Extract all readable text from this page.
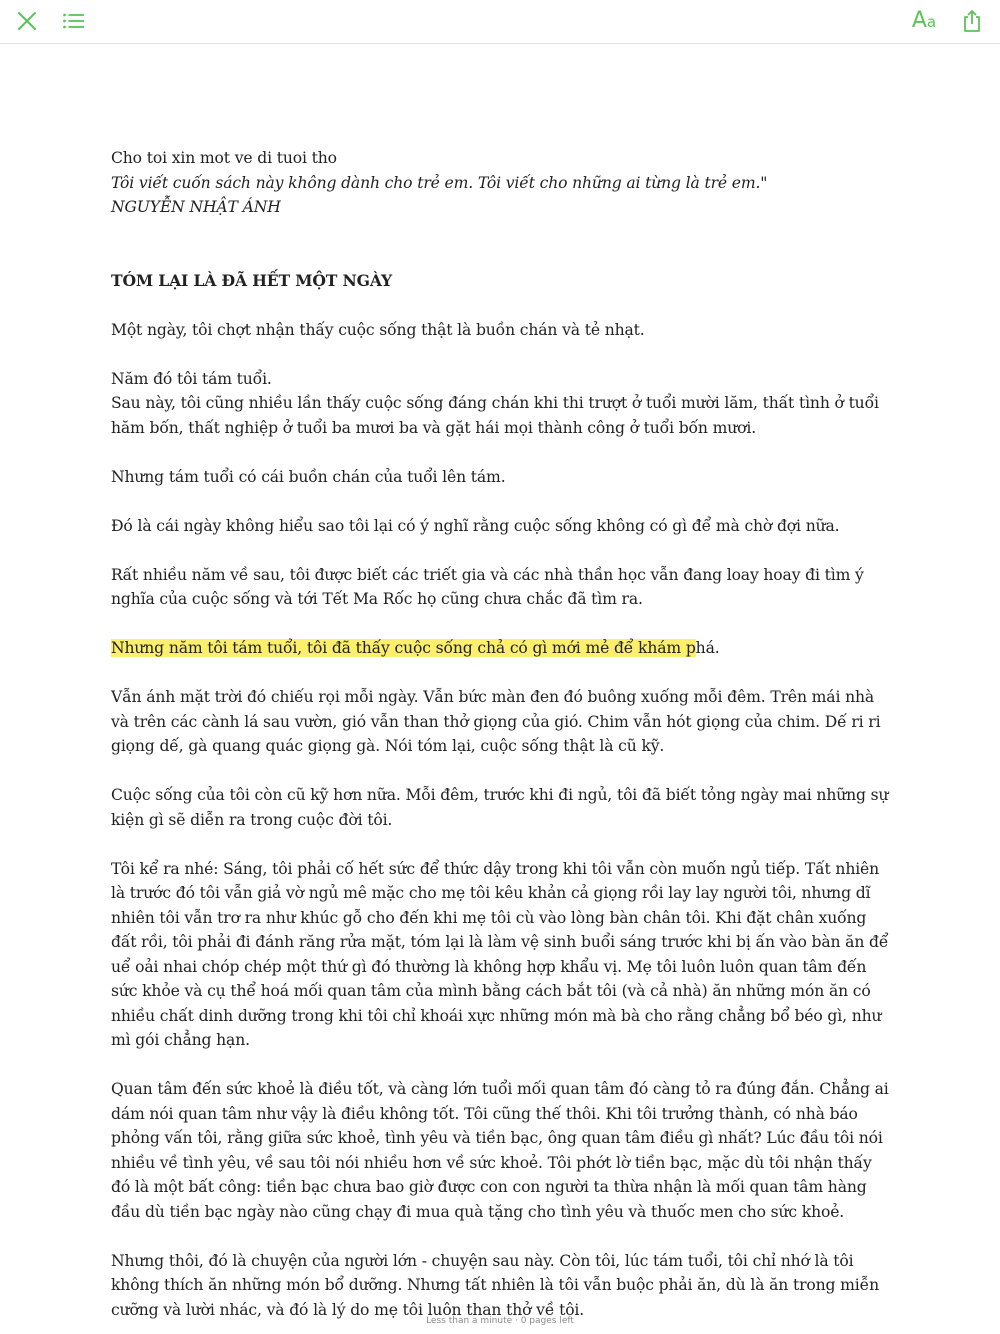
Aa

Cho toi xin mot ve di tuoi tho

Tôi viết cuốn sách này không dành cho trẻ em. Tôi viết cho những ai từng là trẻ em."

NGUYỄN NHẬT ÁNH

TÓM LẠI LÀ ĐÃ HẾT MỘT NGÀY

Một ngày, tôi chợt nhận thấy cuộc sống thật là buồn chán và tẻ nhạt.

Năm đó tôi tám tuổi.

Sau này, tôi cũng nhiều lần thấy cuộc sống đáng chán khi thi trượt ở tuổi mười lăm, thất tình ở tuổi hăm bốn, thất nghiệp ở tuổi ba mươi ba và gặt hái mọi thành công ở tuổi bốn mươi.

Nhưng tám tuổi có cái buồn chán của tuổi lên tám.

Đó là cái ngày không hiểu sao tôi lại có ý nghĩ rằng cuộc sống không có gì để mà chờ đợi nữa.

Rất nhiều năm về sau, tôi được biết các triết gia và các nhà thần học vẫn đang loay hoay đi tìm ý nghĩa của cuộc sống và tới Tết Ma Rốc họ cũng chưa chắc đã tìm ra.

Nhưng năm tôi tám tuổi, tôi đã thấy cuộc sống chả có gì mới mẻ để khám phá.

Vẫn ánh mặt trời đó chiếu rọi mỗi ngày. Vẫn bức màn đen đó buông xuống mỗi đêm. Trên mái nhà và trên các cành lá sau vườn, gió vẫn than thở giọng của gió. Chim vẫn hót giọng của chim. Dế ri ri giọng dế, gà quang quác giọng gà. Nói tóm lại, cuộc sống thật là cũ kỹ.

Cuộc sống của tôi còn cũ kỹ hơn nữa. Mỗi đêm, trước khi đi ngủ, tôi đã biết tỏng ngày mai những sự kiện gì sẽ diễn ra trong cuộc đời tôi.

Tôi kể ra nhé: Sáng, tôi phải cố hết sức để thức dậy trong khi tôi vẫn còn muốn ngủ tiếp. Tất nhiên là trước đó tôi vẫn giả vờ ngủ mê mặc cho mẹ tôi kêu khản cả giọng rồi lay lay người tôi, nhưng dĩ nhiên tôi vẫn trơ ra như khúc gỗ cho đến khi mẹ tôi cù vào lòng bàn chân tôi. Khi đặt chân xuống đất rồi, tôi phải đi đánh răng rửa mặt, tóm lại là làm vệ sinh buổi sáng trước khi bị ấn vào bàn ăn để uể oải nhai chóp chép một thứ gì đó thường là không hợp khẩu vị. Mẹ tôi luôn luôn quan tâm đến sức khỏe và cụ thể hoá mối quan tâm của mình bằng cách bắt tôi (và cả nhà) ăn những món ăn có nhiều chất dinh dưỡng trong khi tôi chỉ khoái xực những món mà bà cho rằng chẳng bổ béo gì, như mì gói chẳng hạn.

Quan tâm đến sức khoẻ là điều tốt, và càng lớn tuổi mối quan tâm đó càng tỏ ra đúng đắn. Chẳng ai dám nói quan tâm như vậy là điều không tốt. Tôi cũng thế thôi. Khi tôi trưởng thành, có nhà báo phỏng vấn tôi, rằng giữa sức khoẻ, tình yêu và tiền bạc, ông quan tâm điều gì nhất? Lúc đầu tôi nói nhiều về tình yêu, về sau tôi nói nhiều hơn về sức khoẻ. Tôi phớt lờ tiền bạc, mặc dù tôi nhận thấy đó là một bất công: tiền bạc chưa bao giờ được con con người ta thừa nhận là mối quan tâm hàng đầu dù tiền bạc ngày nào cũng chạy đi mua quà tặng cho tình yêu và thuốc men cho sức khoẻ.

Nhưng thôi, đó là chuyện của người lớn - chuyện sau này. Còn tôi, lúc tám tuổi, tôi chỉ nhớ là tôi không thích ăn những món bổ dưỡng. Nhưng tất nhiên là tôi vẫn buộc phải ăn, dù là ăn trong miễn cưỡng và lười nhác, và đó là lý do mẹ tôi luôn than thở về tôi.

Less than a minute · 0 pages left
